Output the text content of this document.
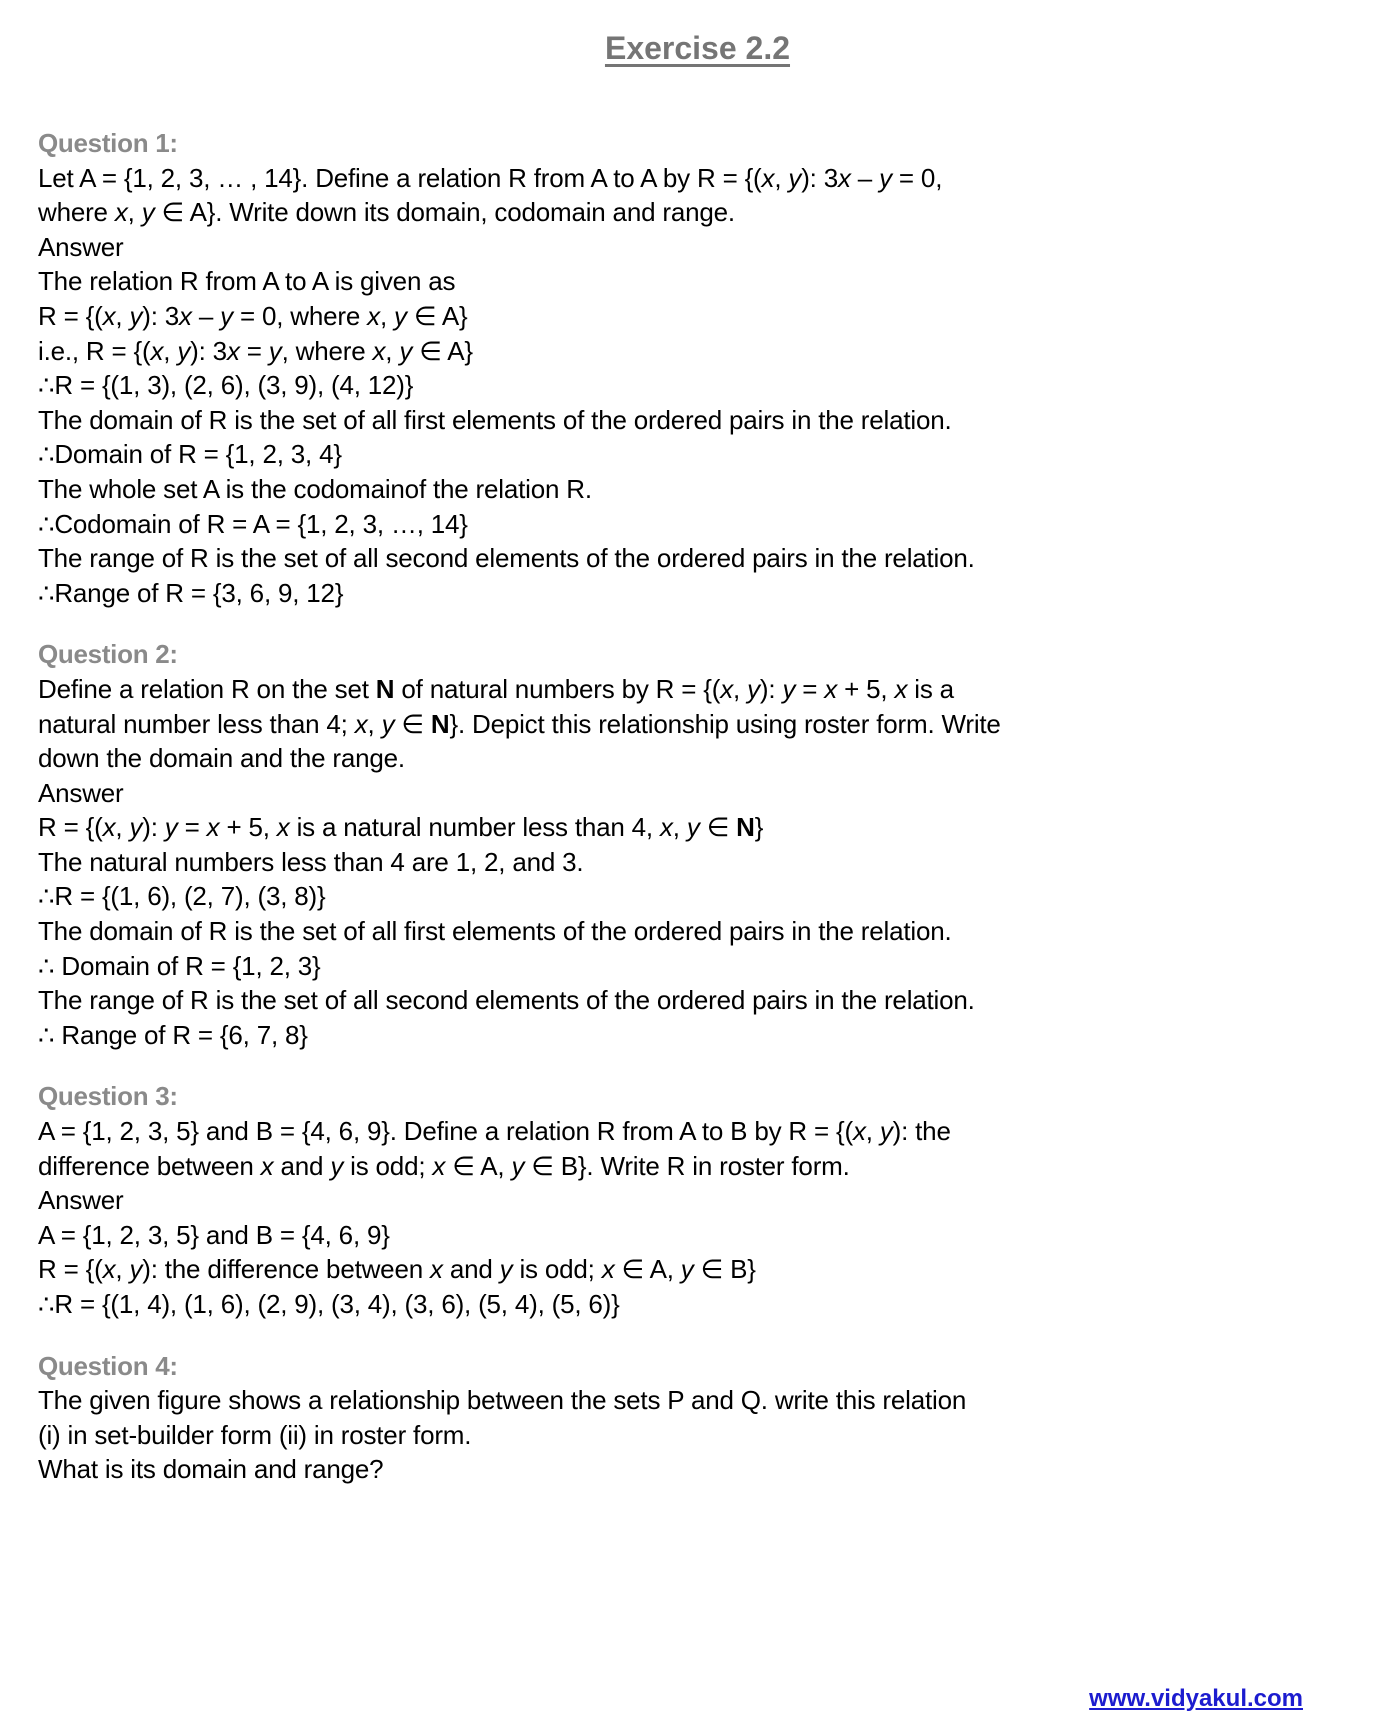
Exercise 2.2
Question 1:
Let A = {1, 2, 3, … , 14}. Define a relation R from A to A by R = {(x, y): 3x – y = 0,
where x, y ∈ A}. Write down its domain, codomain and range.
Answer
The relation R from A to A is given as
R = {(x, y): 3x – y = 0, where x, y ∈ A}
i.e., R = {(x, y): 3x = y, where x, y ∈ A}
∴R = {(1, 3), (2, 6), (3, 9), (4, 12)}
The domain of R is the set of all first elements of the ordered pairs in the relation.
∴Domain of R = {1, 2, 3, 4}
The whole set A is the codomainof the relation R.
∴Codomain of R = A = {1, 2, 3, …, 14}
The range of R is the set of all second elements of the ordered pairs in the relation.
∴Range of R = {3, 6, 9, 12}
Question 2:
Define a relation R on the set N of natural numbers by R = {(x, y): y = x + 5, x is a
natural number less than 4; x, y ∈ N}. Depict this relationship using roster form. Write
down the domain and the range.
Answer
R = {(x, y): y = x + 5, x is a natural number less than 4, x, y ∈ N}
The natural numbers less than 4 are 1, 2, and 3.
∴R = {(1, 6), (2, 7), (3, 8)}
The domain of R is the set of all first elements of the ordered pairs in the relation.
∴ Domain of R = {1, 2, 3}
The range of R is the set of all second elements of the ordered pairs in the relation.
∴ Range of R = {6, 7, 8}
Question 3:
A = {1, 2, 3, 5} and B = {4, 6, 9}. Define a relation R from A to B by R = {(x, y): the
difference between x and y is odd; x ∈ A, y ∈ B}. Write R in roster form.
Answer
A = {1, 2, 3, 5} and B = {4, 6, 9}
R = {(x, y): the difference between x and y is odd; x ∈ A, y ∈ B}
∴R = {(1, 4), (1, 6), (2, 9), (3, 4), (3, 6), (5, 4), (5, 6)}
Question 4:
The given figure shows a relationship between the sets P and Q. write this relation
(i) in set-builder form (ii) in roster form.
What is its domain and range?
www.vidyakul.com
